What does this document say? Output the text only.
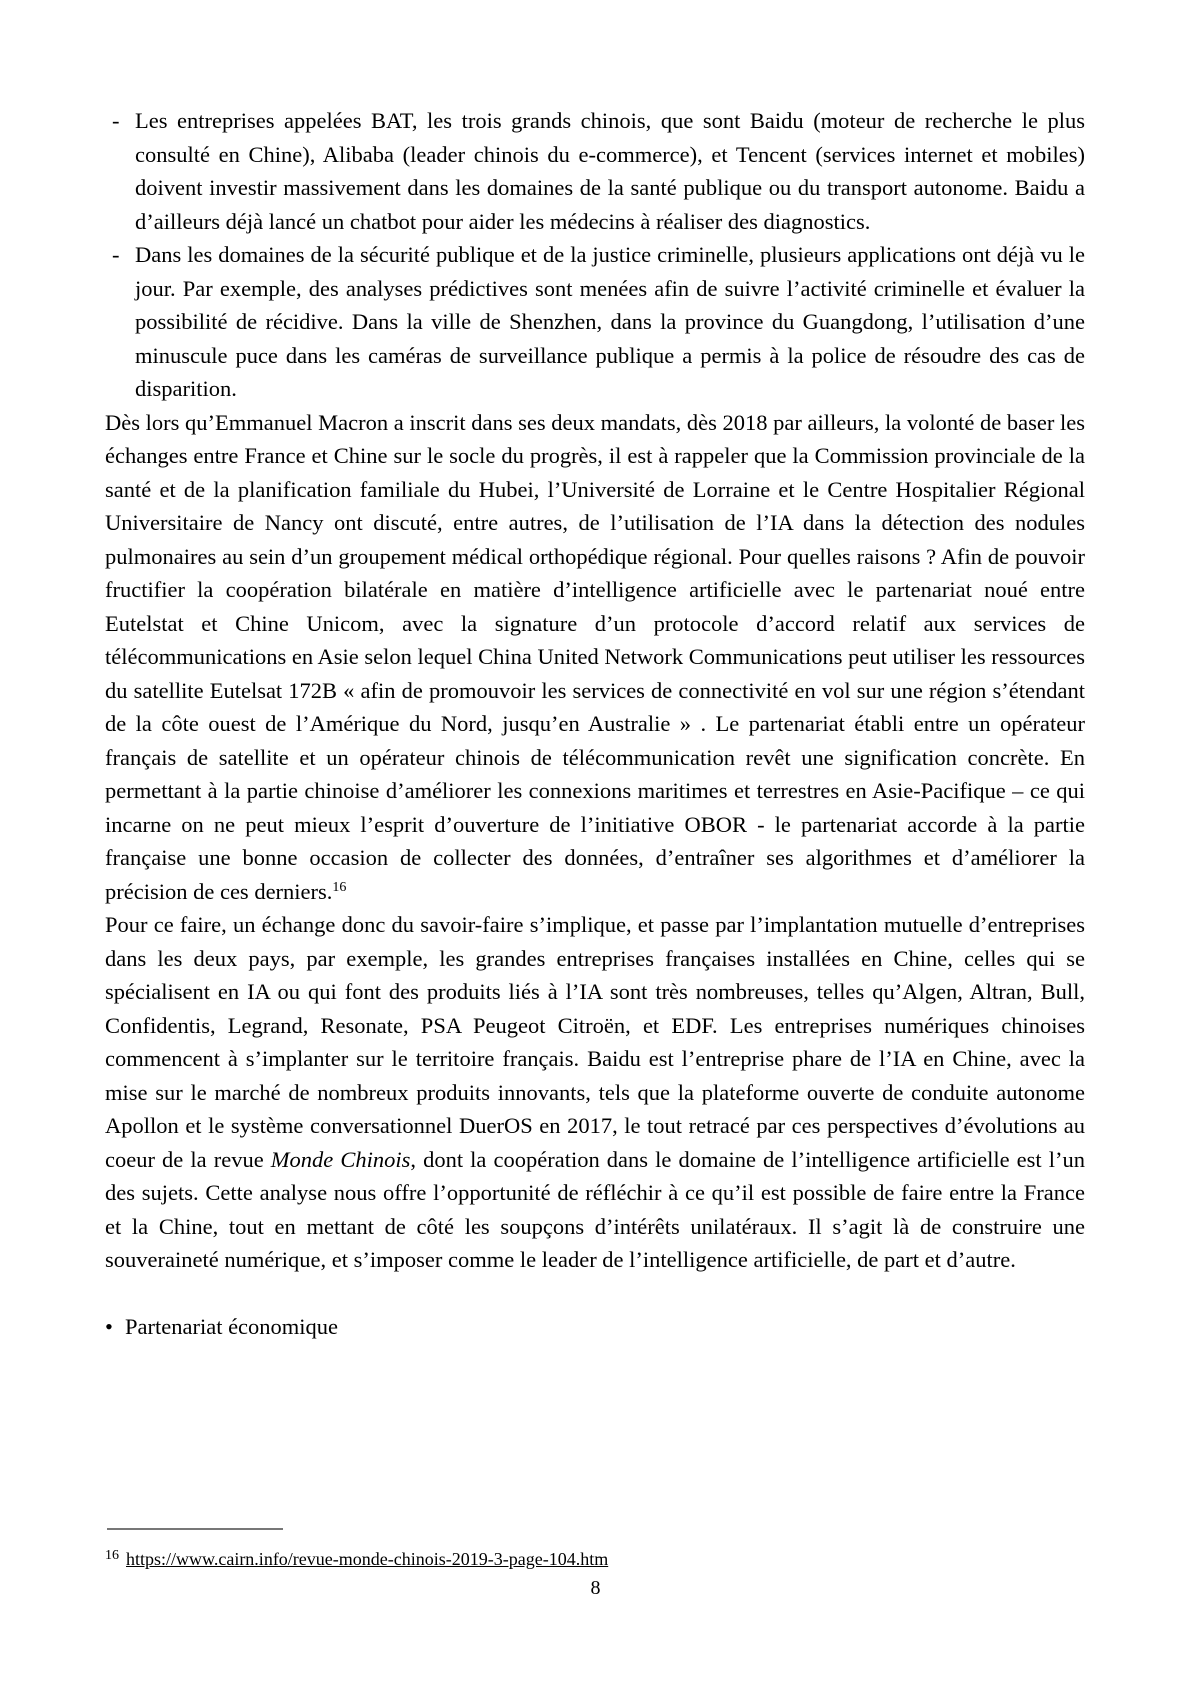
- Les entreprises appelées BAT, les trois grands chinois, que sont Baidu (moteur de recherche le plus consulté en Chine), Alibaba (leader chinois du e-commerce), et Tencent (services internet et mobiles) doivent investir massivement dans les domaines de la santé publique ou du transport autonome. Baidu a d’ailleurs déjà lancé un chatbot pour aider les médecins à réaliser des diagnostics.
- Dans les domaines de la sécurité publique et de la justice criminelle, plusieurs applications ont déjà vu le jour. Par exemple, des analyses prédictives sont menées afin de suivre l’activité criminelle et évaluer la possibilité de récidive. Dans la ville de Shenzhen, dans la province du Guangdong, l’utilisation d’une minuscule puce dans les caméras de surveillance publique a permis à la police de résoudre des cas de disparition.

Dès lors qu’Emmanuel Macron a inscrit dans ses deux mandats, dès 2018 par ailleurs, la volonté de baser les échanges entre France et Chine sur le socle du progrès, il est à rappeler que la Commission provinciale de la santé et de la planification familiale du Hubei, l’Université de Lorraine et le Centre Hospitalier Régional Universitaire de Nancy ont discuté, entre autres, de l’utilisation de l’IA dans la détection des nodules pulmonaires au sein d’un groupement médical orthopédique régional. Pour quelles raisons ? Afin de pouvoir fructifier la coopération bilatérale en matière d’intelligence artificielle avec le partenariat noué entre Eutelstat et Chine Unicom, avec la signature d’un protocole d’accord relatif aux services de télécommunications en Asie selon lequel China United Network Communications peut utiliser les ressources du satellite Eutelsat 172B « afin de promouvoir les services de connectivité en vol sur une région s’étendant de la côte ouest de l’Amérique du Nord, jusqu’en Australie » . Le partenariat établi entre un opérateur français de satellite et un opérateur chinois de télécommunication revêt une signification concrète. En permettant à la partie chinoise d’améliorer les connexions maritimes et terrestres en Asie-Pacifique – ce qui incarne on ne peut mieux l’esprit d’ouverture de l’initiative OBOR - le partenariat accorde à la partie française une bonne occasion de collecter des données, d’entraîner ses algorithmes et d’améliorer la précision de ces derniers.$^{16}$

Pour ce faire, un échange donc du savoir-faire s’implique, et passe par l’implantation mutuelle d’entreprises dans les deux pays, par exemple, les grandes entreprises françaises installées en Chine, celles qui se spécialisent en IA ou qui font des produits liés à l’IA sont très nombreuses, telles qu’Algen, Altran, Bull, Confidentis, Legrand, Resonate, PSA Peugeot Citroën, et EDF. Les entreprises numériques chinoises commencent à s’implanter sur le territoire français. Baidu est l’entreprise phare de l’IA en Chine, avec la mise sur le marché de nombreux produits innovants, tels que la plateforme ouverte de conduite autonome Apollon et le système conversationnel DuerOS en 2017, le tout retracé par ces perspectives d’évolutions au coeur de la revue Monde Chinois, dont la coopération dans le domaine de l’intelligence artificielle est l’un des sujets. Cette analyse nous offre l’opportunité de réfléchir à ce qu’il est possible de faire entre la France et la Chine, tout en mettant de côté les soupçons d’intérêts unilatéraux. Il s’agit là de construire une souveraineté numérique, et s’imposer comme le leader de l’intelligence artificielle, de part et d’autre.

• Partenariat économique
$^{16}$ https://www.cairn.info/revue-monde-chinois-2019-3-page-104.htm
8
